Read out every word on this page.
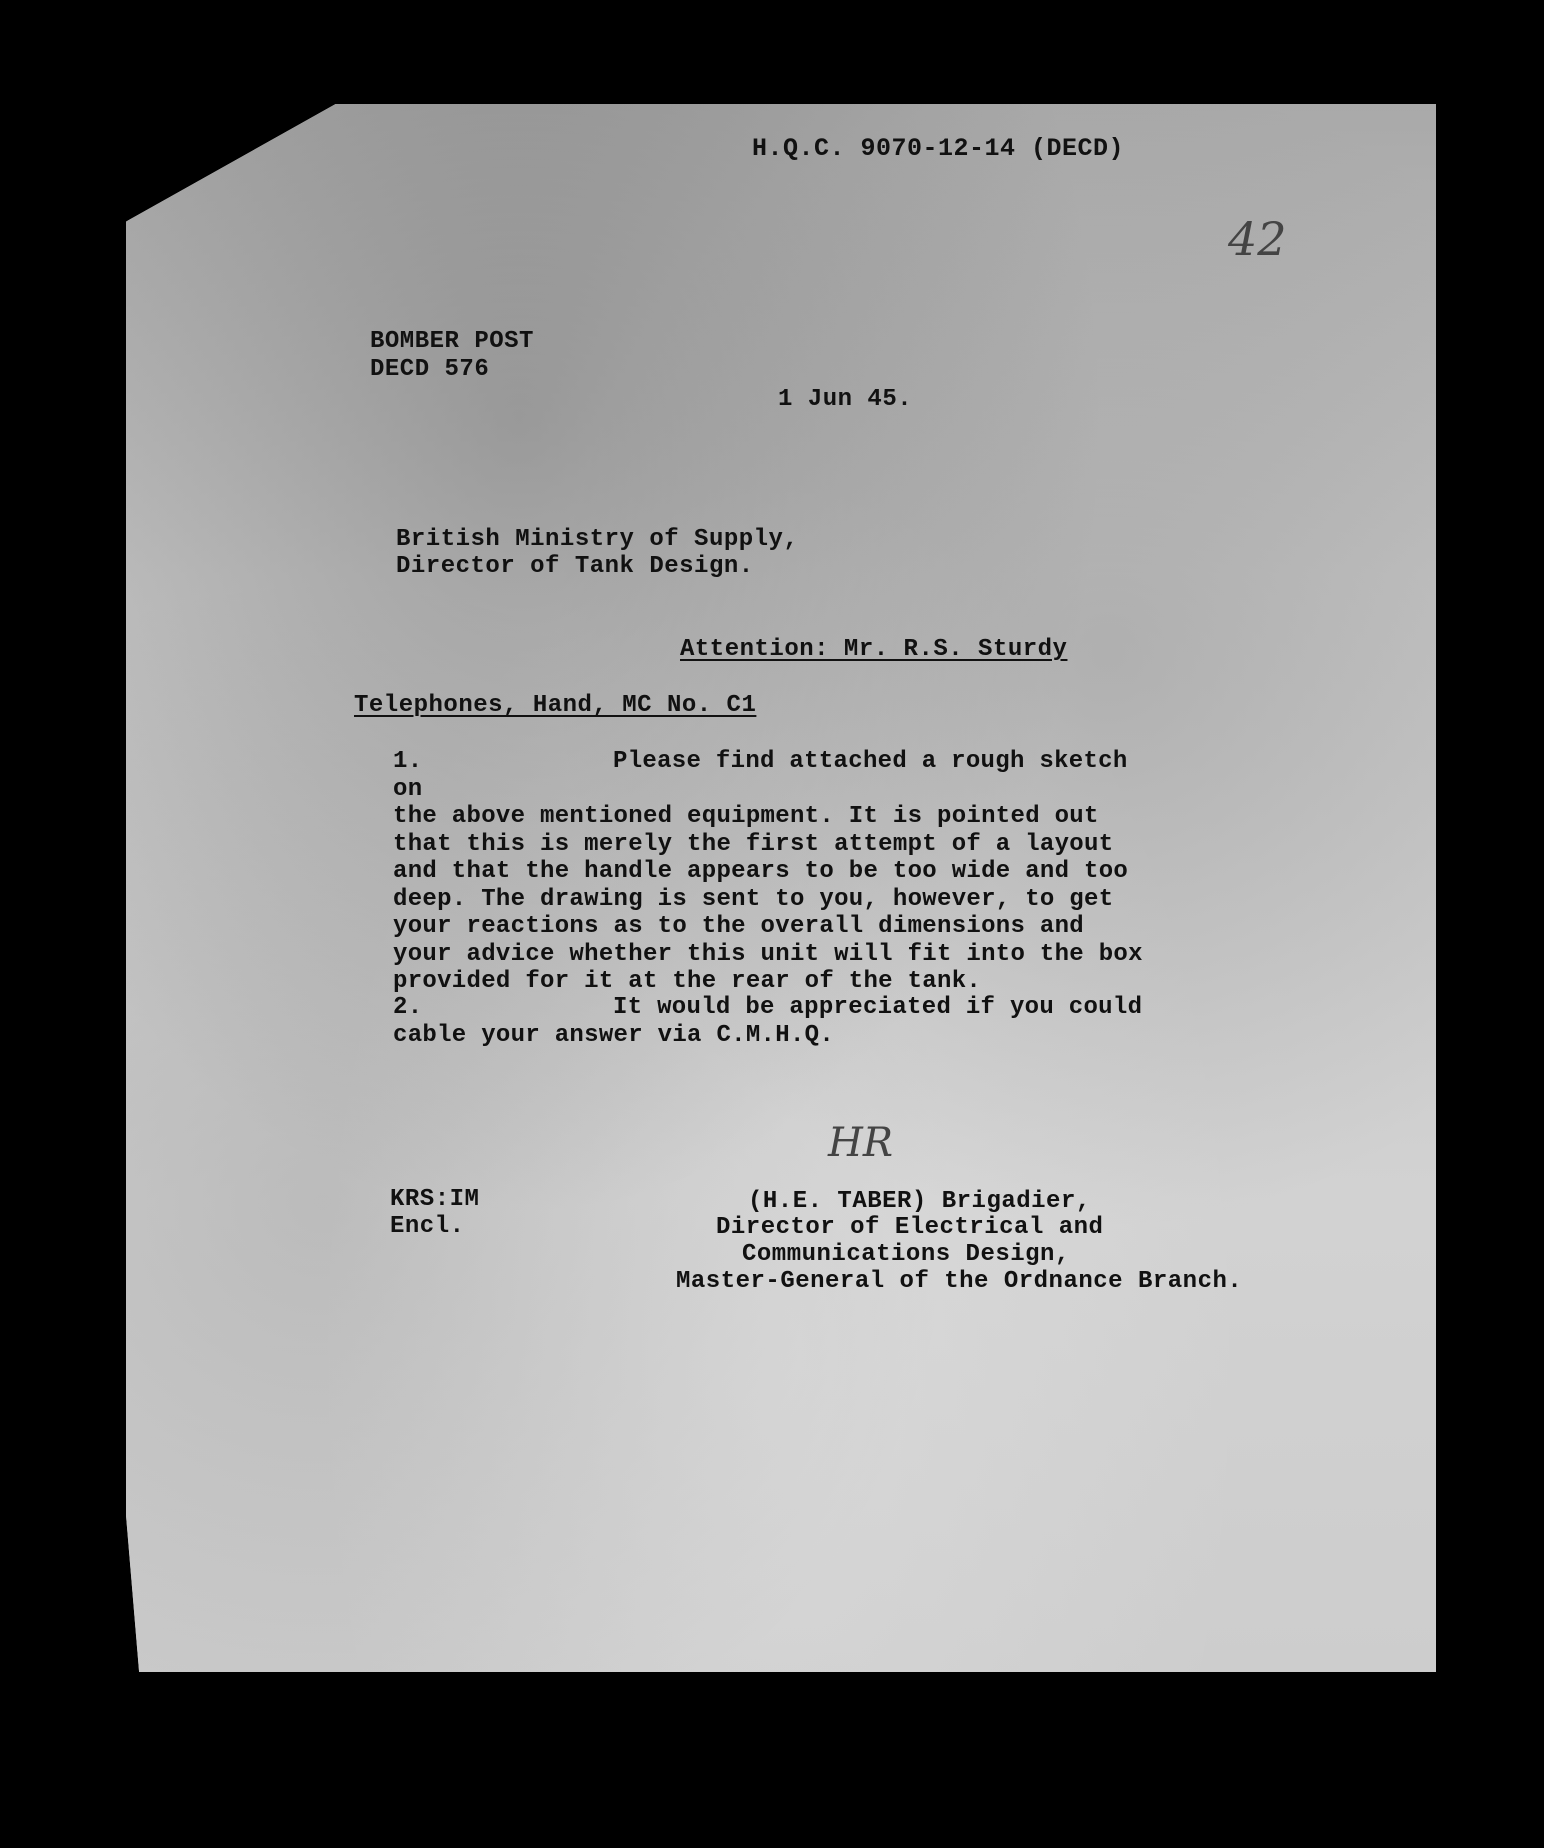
H.Q.C. 9070-12-14 (DECD)
42
BOMBER POST
DECD 576
1 Jun 45.
British Ministry of Supply,
Director of Tank Design.
Attention: Mr. R.S. Sturdy
Telephones, Hand, MC No. C1
1.	Please find attached a rough sketch on
the above mentioned equipment. It is pointed out that this is merely the first attempt of a layout and that the handle appears to be too wide and too deep. The drawing is sent to you, however, to get your reactions as to the overall dimensions and your advice whether this unit will fit into the box provided for it at the rear of the tank.
2.	It would be appreciated if you could
cable your answer via C.M.H.Q.
HR
KRS:IM
Encl.
(H.E. TABER) Brigadier,
Director of Electrical and
Communications Design,
Master-General of the Ordnance Branch.
